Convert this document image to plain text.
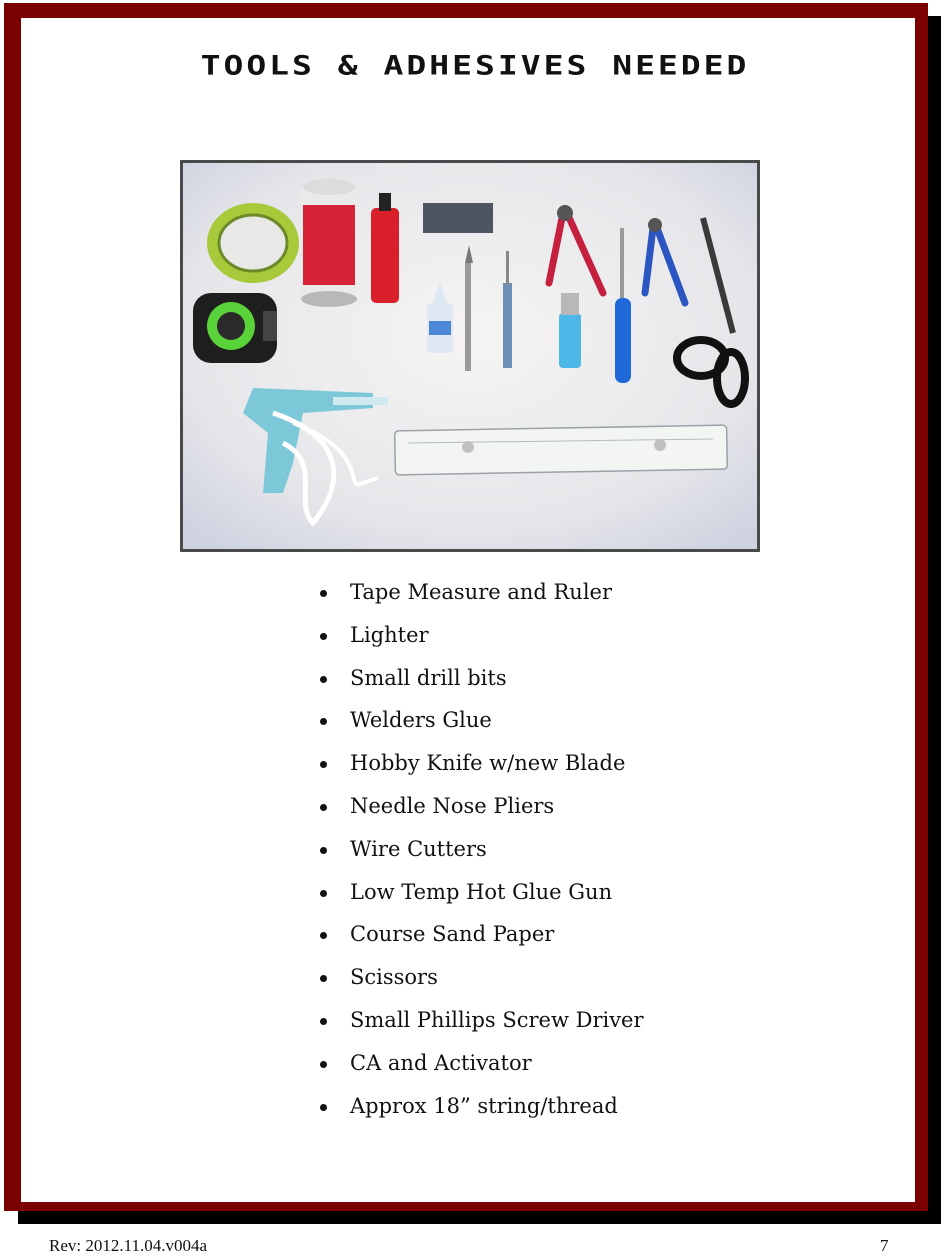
TOOLS & ADHESIVES NEEDED
Tape Measure and Ruler
Lighter
Small drill bits
Welders Glue
Hobby Knife w/new Blade
Needle Nose Pliers
Wire Cutters
Low Temp Hot Glue Gun
Course Sand Paper
Scissors
Small Phillips Screw Driver
CA and Activator
Approx 18” string/thread
Rev: 2012.11.04.v004a	7
